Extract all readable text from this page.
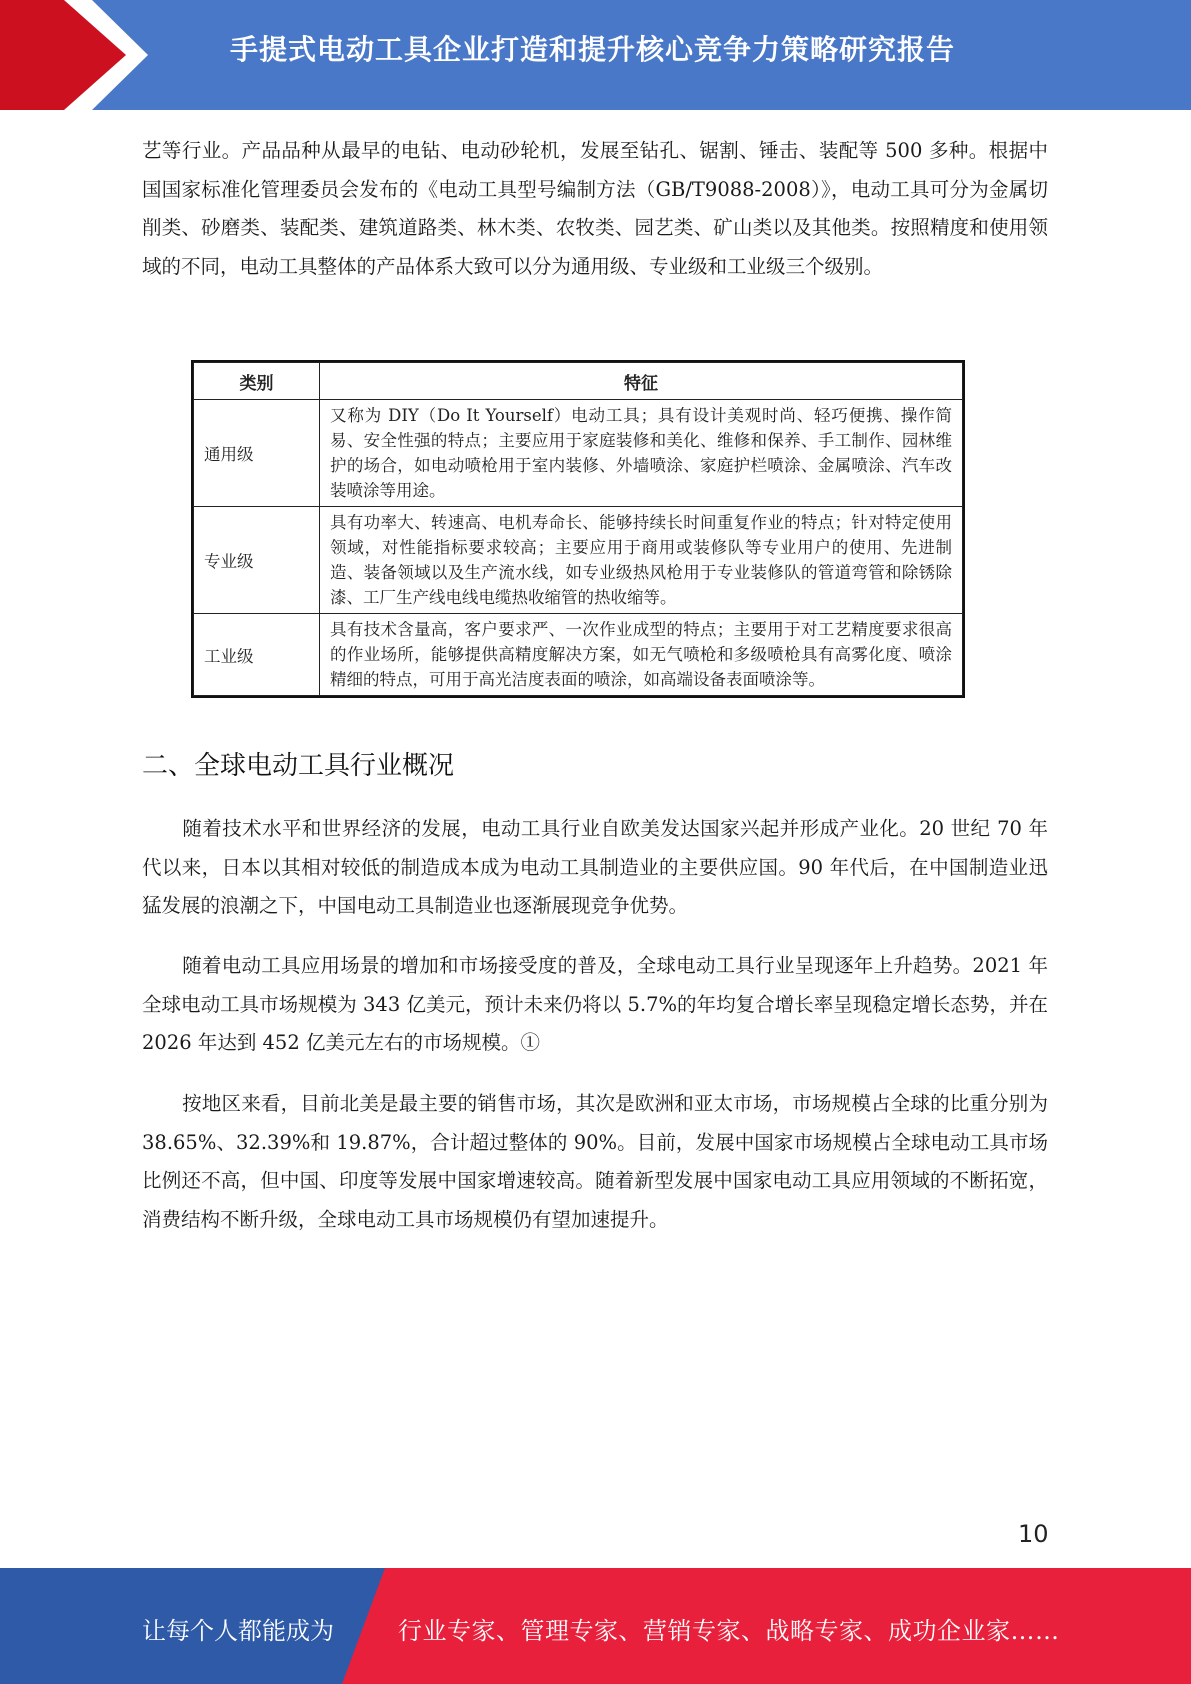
手提式电动工具企业打造和提升核心竞争力策略研究报告
艺等行业。产品品种从最早的电钻、电动砂轮机，发展至钻孔、锯割、锤击、装配等 500 多种。根据中国国家标准化管理委员会发布的《电动工具型号编制方法（GB/T9088-2008）》，电动工具可分为金属切削类、砂磨类、装配类、建筑道路类、林木类、农牧类、园艺类、矿山类以及其他类。按照精度和使用领域的不同，电动工具整体的产品体系大致可以分为通用级、专业级和工业级三个级别。
类别	特征
通用级	又称为 DIY（Do It Yourself）电动工具；具有设计美观时尚、轻巧便携、操作简易、安全性强的特点；主要应用于家庭装修和美化、维修和保养、手工制作、园林维护的场合，如电动喷枪用于室内装修、外墙喷涂、家庭护栏喷涂、金属喷涂、汽车改装喷涂等用途。
专业级	具有功率大、转速高、电机寿命长、能够持续长时间重复作业的特点；针对特定使用领域，对性能指标要求较高；主要应用于商用或装修队等专业用户的使用、先进制造、装备领域以及生产流水线，如专业级热风枪用于专业装修队的管道弯管和除锈除漆、工厂生产线电线电缆热收缩管的热收缩等。
工业级	具有技术含量高，客户要求严、一次作业成型的特点；主要用于对工艺精度要求很高的作业场所，能够提供高精度解决方案，如无气喷枪和多级喷枪具有高雾化度、喷涂精细的特点，可用于高光洁度表面的喷涂，如高端设备表面喷涂等。
二、全球电动工具行业概况
随着技术水平和世界经济的发展，电动工具行业自欧美发达国家兴起并形成产业化。20 世纪 70 年代以来，日本以其相对较低的制造成本成为电动工具制造业的主要供应国。90 年代后，在中国制造业迅猛发展的浪潮之下，中国电动工具制造业也逐渐展现竞争优势。
随着电动工具应用场景的增加和市场接受度的普及，全球电动工具行业呈现逐年上升趋势。2021 年全球电动工具市场规模为 343 亿美元，预计未来仍将以 5.7%的年均复合增长率呈现稳定增长态势，并在 2026 年达到 452 亿美元左右的市场规模。①
按地区来看，目前北美是最主要的销售市场，其次是欧洲和亚太市场，市场规模占全球的比重分别为 38.65%、32.39%和 19.87%，合计超过整体的 90%。目前，发展中国家市场规模占全球电动工具市场比例还不高，但中国、印度等发展中国家增速较高。随着新型发展中国家电动工具应用领域的不断拓宽，消费结构不断升级，全球电动工具市场规模仍有望加速提升。
10
让每个人都能成为	行业专家、管理专家、营销专家、战略专家、成功企业家……
